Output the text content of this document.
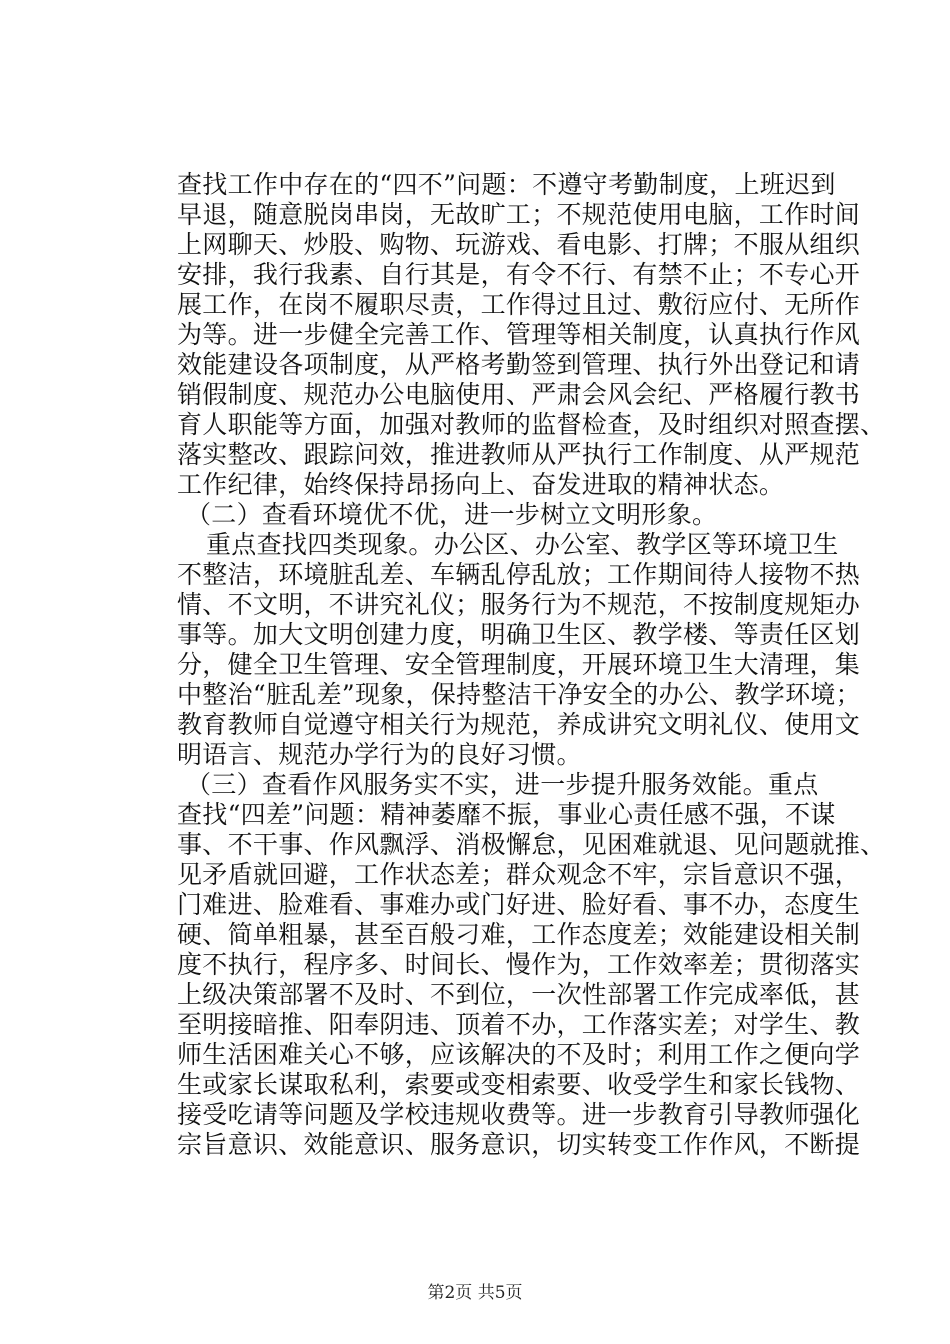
查找工作中存在的“四不”问题：不遵守考勤制度，上班迟到
早退，随意脱岗串岗，无故旷工；不规范使用电脑，工作时间
上网聊天、炒股、购物、玩游戏、看电影、打牌；不服从组织
安排，我行我素、自行其是，有令不行、有禁不止；不专心开
展工作，在岗不履职尽责，工作得过且过、敷衍应付、无所作
为等。进一步健全完善工作、管理等相关制度，认真执行作风
效能建设各项制度，从严格考勤签到管理、执行外出登记和请
销假制度、规范办公电脑使用、严肃会风会纪、严格履行教书
育人职能等方面，加强对教师的监督检查，及时组织对照查摆、
落实整改、跟踪问效，推进教师从严执行工作制度、从严规范
工作纪律，始终保持昂扬向上、奋发进取的精神状态。
（二）查看环境优不优，进一步树立文明形象。
重点查找四类现象。办公区、办公室、教学区等环境卫生
不整洁，环境脏乱差、车辆乱停乱放；工作期间待人接物不热
情、不文明，不讲究礼仪；服务行为不规范，不按制度规矩办
事等。加大文明创建力度，明确卫生区、教学楼、等责任区划
分，健全卫生管理、安全管理制度，开展环境卫生大清理，集
中整治“脏乱差”现象，保持整洁干净安全的办公、教学环境；
教育教师自觉遵守相关行为规范，养成讲究文明礼仪、使用文
明语言、规范办学行为的良好习惯。
（三）查看作风服务实不实，进一步提升服务效能。重点
查找“四差”问题：精神萎靡不振，事业心责任感不强，不谋
事、不干事、作风飘浮、消极懈怠，见困难就退、见问题就推、
见矛盾就回避，工作状态差；群众观念不牢，宗旨意识不强，
门难进、脸难看、事难办或门好进、脸好看、事不办，态度生
硬、简单粗暴，甚至百般刁难，工作态度差；效能建设相关制
度不执行，程序多、时间长、慢作为，工作效率差；贯彻落实
上级决策部署不及时、不到位，一次性部署工作完成率低，甚
至明接暗推、阳奉阴违、顶着不办，工作落实差；对学生、教
师生活困难关心不够，应该解决的不及时；利用工作之便向学
生或家长谋取私利，索要或变相索要、收受学生和家长钱物、
接受吃请等问题及学校违规收费等。进一步教育引导教师强化
宗旨意识、效能意识、服务意识，切实转变工作作风，不断提
第2页 共5页
